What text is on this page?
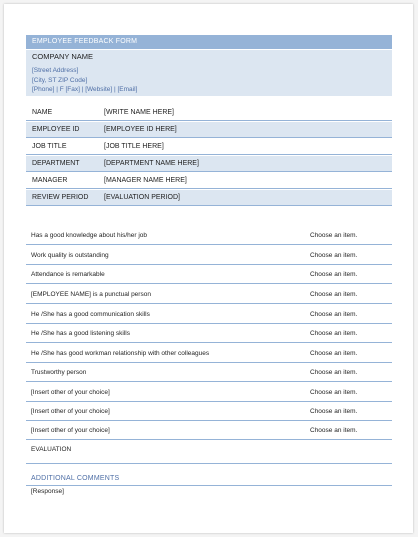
EMPLOYEE FEEDBACK FORM
COMPANY NAME
[Street Address]
[City, ST ZIP Code]
[Phone] | F [Fax] | [Website] | [Email]
NAME	[WRITE NAME HERE]
EMPLOYEE ID	[EMPLOYEE ID HERE]
JOB TITLE	[JOB TITLE HERE]
DEPARTMENT	[DEPARTMENT NAME HERE]
MANAGER	[MANAGER NAME HERE]
REVIEW PERIOD [EVALUATION PERIOD]
Has a good knowledge about his/her job	Choose an item.
Work quality is outstanding	Choose an item.
Attendance is remarkable	Choose an item.
[EMPLOYEE NAME] is a punctual person	Choose an item.
He /She has a good communication skills	Choose an item.
He /She has a good listening skills	Choose an item.
He /She has good workman relationship with other colleagues	Choose an item.
Trustworthy person	Choose an item.
[Insert other of your choice]	Choose an item.
[Insert other of your choice]	Choose an item.
[Insert other of your choice]	Choose an item.
EVALUATION
ADDITIONAL COMMENTS
[Response]
